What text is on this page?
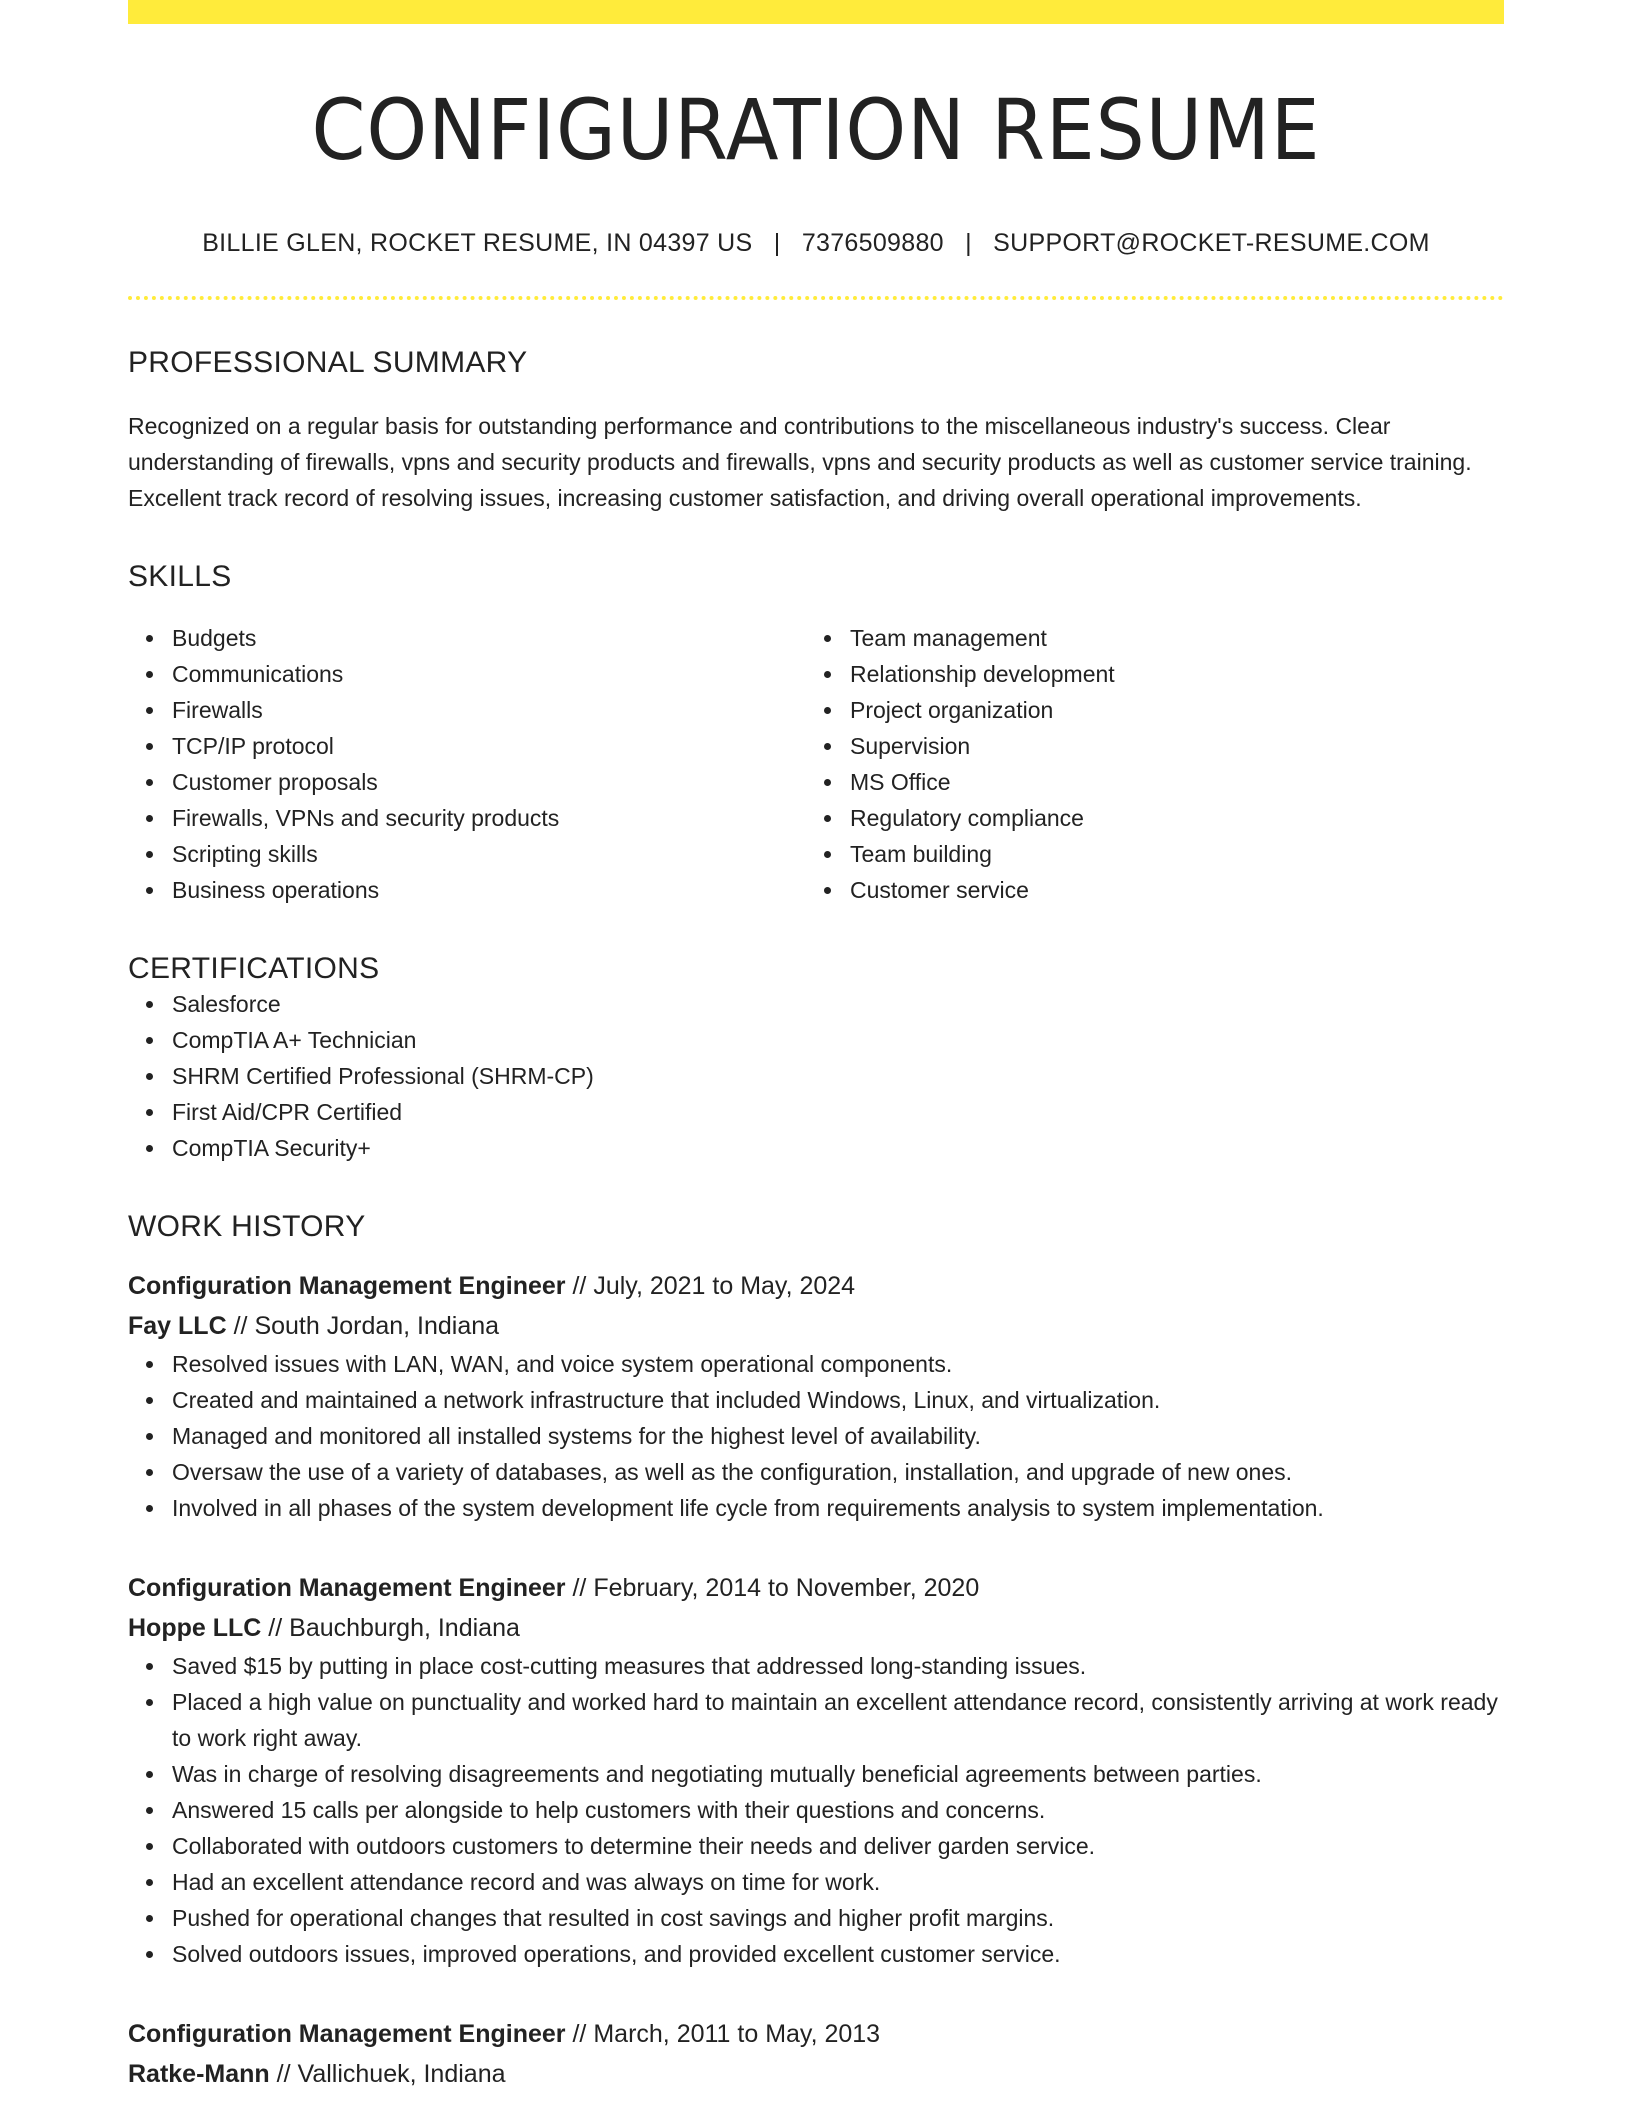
CONFIGURATION RESUME
BILLIE GLEN, ROCKET RESUME, IN 04397 US | 7376509880 | SUPPORT@ROCKET-RESUME.COM
PROFESSIONAL SUMMARY
Recognized on a regular basis for outstanding performance and contributions to the miscellaneous industry's success. Clear understanding of firewalls, vpns and security products and firewalls, vpns and security products as well as customer service training. Excellent track record of resolving issues, increasing customer satisfaction, and driving overall operational improvements.
SKILLS
Budgets
Communications
Firewalls
TCP/IP protocol
Customer proposals
Firewalls, VPNs and security products
Scripting skills
Business operations
Team management
Relationship development
Project organization
Supervision
MS Office
Regulatory compliance
Team building
Customer service
CERTIFICATIONS
Salesforce
CompTIA A+ Technician
SHRM Certified Professional (SHRM-CP)
First Aid/CPR Certified
CompTIA Security+
WORK HISTORY
Configuration Management Engineer // July, 2021 to May, 2024
Fay LLC // South Jordan, Indiana
Resolved issues with LAN, WAN, and voice system operational components.
Created and maintained a network infrastructure that included Windows, Linux, and virtualization.
Managed and monitored all installed systems for the highest level of availability.
Oversaw the use of a variety of databases, as well as the configuration, installation, and upgrade of new ones.
Involved in all phases of the system development life cycle from requirements analysis to system implementation.
Configuration Management Engineer // February, 2014 to November, 2020
Hoppe LLC // Bauchburgh, Indiana
Saved $15 by putting in place cost-cutting measures that addressed long-standing issues.
Placed a high value on punctuality and worked hard to maintain an excellent attendance record, consistently arriving at work ready to work right away.
Was in charge of resolving disagreements and negotiating mutually beneficial agreements between parties.
Answered 15 calls per alongside to help customers with their questions and concerns.
Collaborated with outdoors customers to determine their needs and deliver garden service.
Had an excellent attendance record and was always on time for work.
Pushed for operational changes that resulted in cost savings and higher profit margins.
Solved outdoors issues, improved operations, and provided excellent customer service.
Configuration Management Engineer // March, 2011 to May, 2013
Ratke-Mann // Vallichuek, Indiana
